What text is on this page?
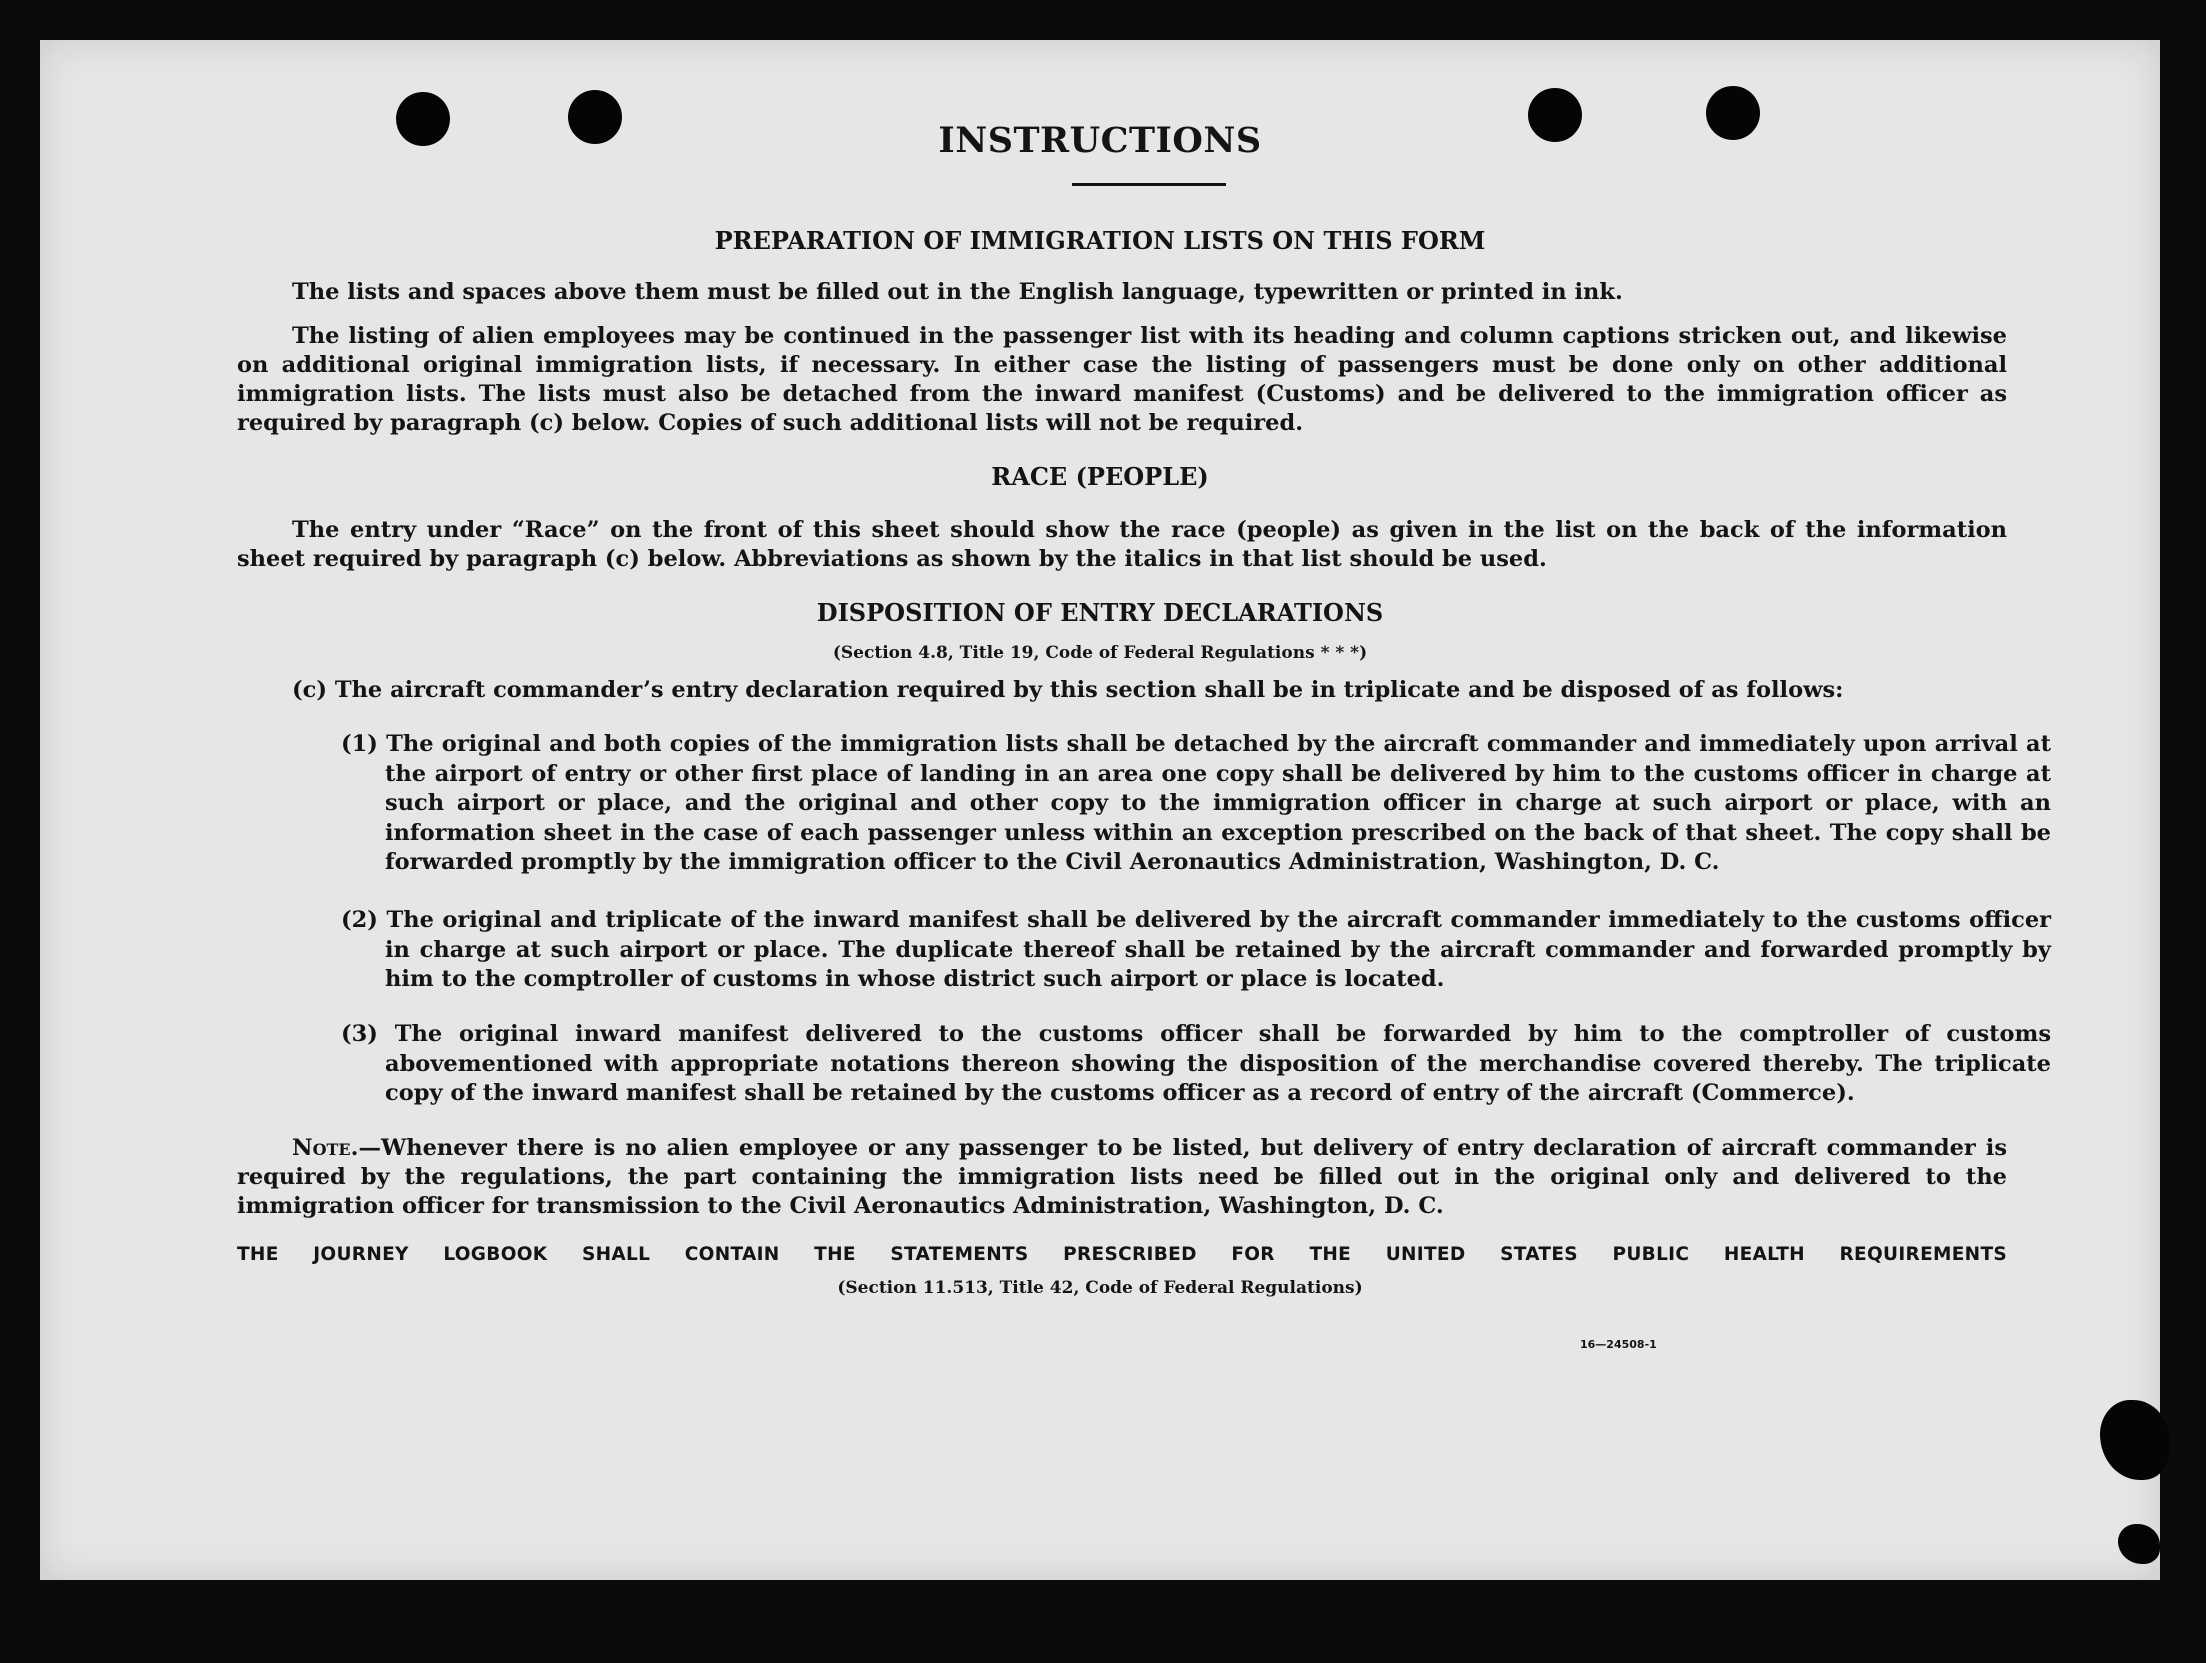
INSTRUCTIONS
PREPARATION OF IMMIGRATION LISTS ON THIS FORM

The lists and spaces above them must be filled out in the English language, typewritten or printed in ink.

The listing of alien employees may be continued in the passenger list with its heading and column captions stricken out, and likewise on additional original immigration lists, if necessary. In either case the listing of passengers must be done only on other additional immigration lists. The lists must also be detached from the inward manifest (Customs) and be delivered to the immigration officer as required by paragraph (c) below. Copies of such additional lists will not be required.

RACE (PEOPLE)

The entry under “Race” on the front of this sheet should show the race (people) as given in the list on the back of the information sheet required by paragraph (c) below. Abbreviations as shown by the italics in that list should be used.

DISPOSITION OF ENTRY DECLARATIONS

(Section 4.8, Title 19, Code of Federal Regulations * * *)

(c) The aircraft commander’s entry declaration required by this section shall be in triplicate and be disposed of as follows:

(1) The original and both copies of the immigration lists shall be detached by the aircraft commander and immediately upon arrival at the airport of entry or other first place of landing in an area one copy shall be delivered by him to the customs officer in charge at such airport or place, and the original and other copy to the immigration officer in charge at such airport or place, with an information sheet in the case of each passenger unless within an exception prescribed on the back of that sheet. The copy shall be forwarded promptly by the immigration officer to the Civil Aeronautics Administration, Washington, D. C.

(2) The original and triplicate of the inward manifest shall be delivered by the aircraft commander immediately to the customs officer in charge at such airport or place. The duplicate thereof shall be retained by the aircraft commander and forwarded promptly by him to the comptroller of customs in whose district such airport or place is located.

(3) The original inward manifest delivered to the customs officer shall be forwarded by him to the comptroller of customs abovementioned with appropriate notations thereon showing the disposition of the merchandise covered thereby. The triplicate copy of the inward manifest shall be retained by the customs officer as a record of entry of the aircraft (Commerce).

Note.—Whenever there is no alien employee or any passenger to be listed, but delivery of entry declaration of aircraft commander is required by the regulations, the part containing the immigration lists need be filled out in the original only and delivered to the immigration officer for transmission to the Civil Aeronautics Administration, Washington, D. C.

THE JOURNEY LOGBOOK SHALL CONTAIN THE STATEMENTS PRESCRIBED FOR THE UNITED STATES PUBLIC HEALTH REQUIREMENTS

(Section 11.513, Title 42, Code of Federal Regulations)

16—24508-1
